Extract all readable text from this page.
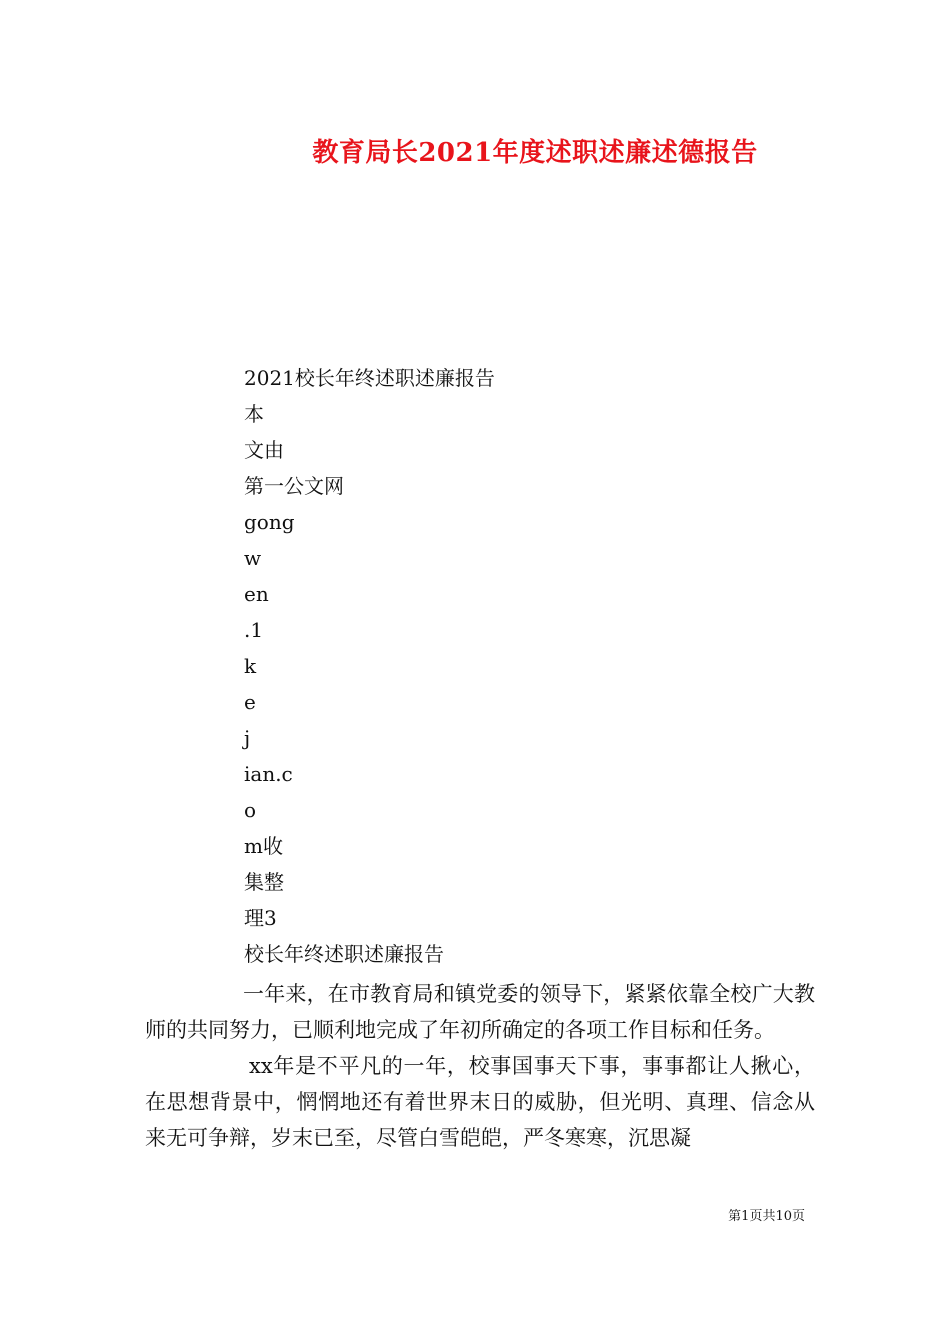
教育局长2021年度述职述廉述德报告
2021校长年终述职述廉报告
本
文由
第一公文网
gong
w
en
.1
k
e
j
ian.c
o
m收
集整
理3
校长年终述职述廉报告

一年来，在市教育局和镇党委的领导下，紧紧依靠全校广大教师的共同努力，已顺利地完成了年初所确定的各项工作目标和任务。

xx年是不平凡的一年，校事国事天下事，事事都让人揪心，在思想背景中，惘惘地还有着世界末日的威胁，但光明、真理、信念从来无可争辩，岁末已至，尽管白雪皑皑，严冬寒寒，沉思凝

第1页共10页
